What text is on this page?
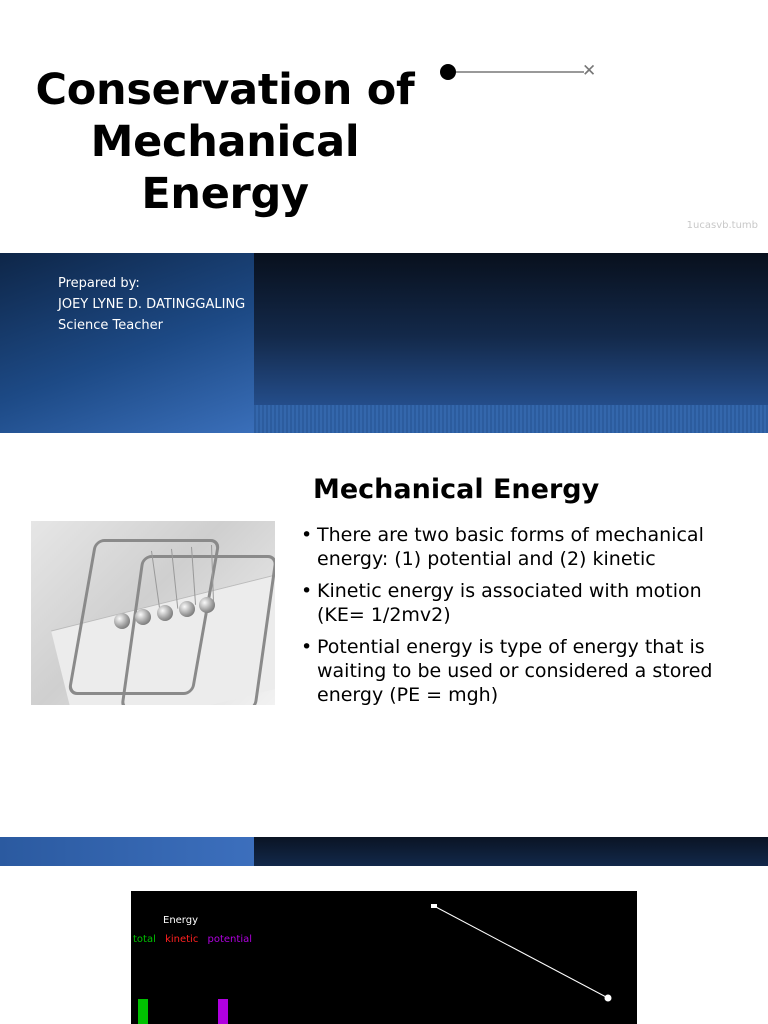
Conservation of
Mechanical
Energy
✕
1ucasvb.tumb
Prepared by:
JOEY LYNE D. DATINGGALING
Science Teacher
Mechanical Energy
• There are two basic forms of mechanical energy: (1) potential and (2) kinetic
• Kinetic energy is associated with motion (KE= 1/2mv2)
• Potential energy is type of energy that is waiting to be used or considered a stored energy (PE = mgh)
Energy
total kinetic potential
